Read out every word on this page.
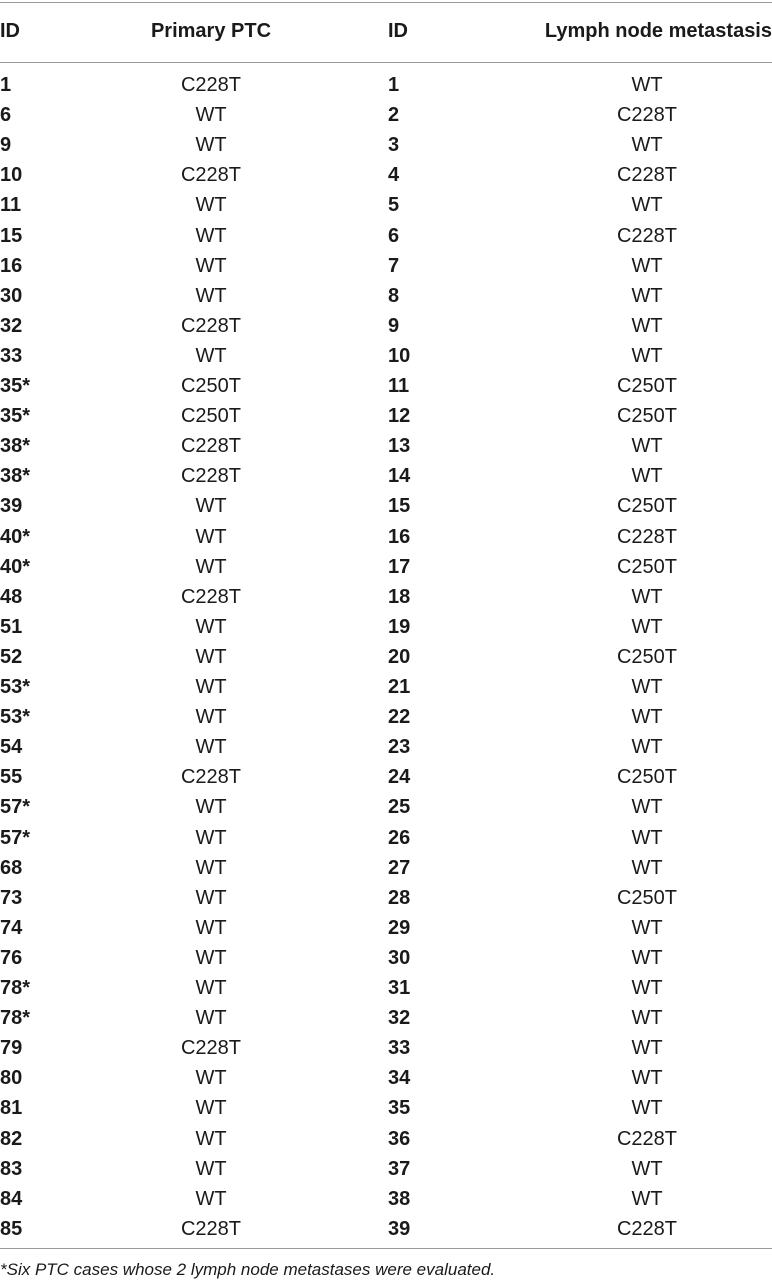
ID	Primary PTC	ID	Lymph node metastasis
1	C228T	1	WT
6	WT	2	C228T
9	WT	3	WT
10	C228T	4	C228T
11	WT	5	WT
15	WT	6	C228T
16	WT	7	WT
30	WT	8	WT
32	C228T	9	WT
33	WT	10	WT
35*	C250T	11	C250T
35*	C250T	12	C250T
38*	C228T	13	WT
38*	C228T	14	WT
39	WT	15	C250T
40*	WT	16	C228T
40*	WT	17	C250T
48	C228T	18	WT
51	WT	19	WT
52	WT	20	C250T
53*	WT	21	WT
53*	WT	22	WT
54	WT	23	WT
55	C228T	24	C250T
57*	WT	25	WT
57*	WT	26	WT
68	WT	27	WT
73	WT	28	C250T
74	WT	29	WT
76	WT	30	WT
78*	WT	31	WT
78*	WT	32	WT
79	C228T	33	WT
80	WT	34	WT
81	WT	35	WT
82	WT	36	C228T
83	WT	37	WT
84	WT	38	WT
85	C228T	39	C228T
*Six PTC cases whose 2 lymph node metastases were evaluated.
